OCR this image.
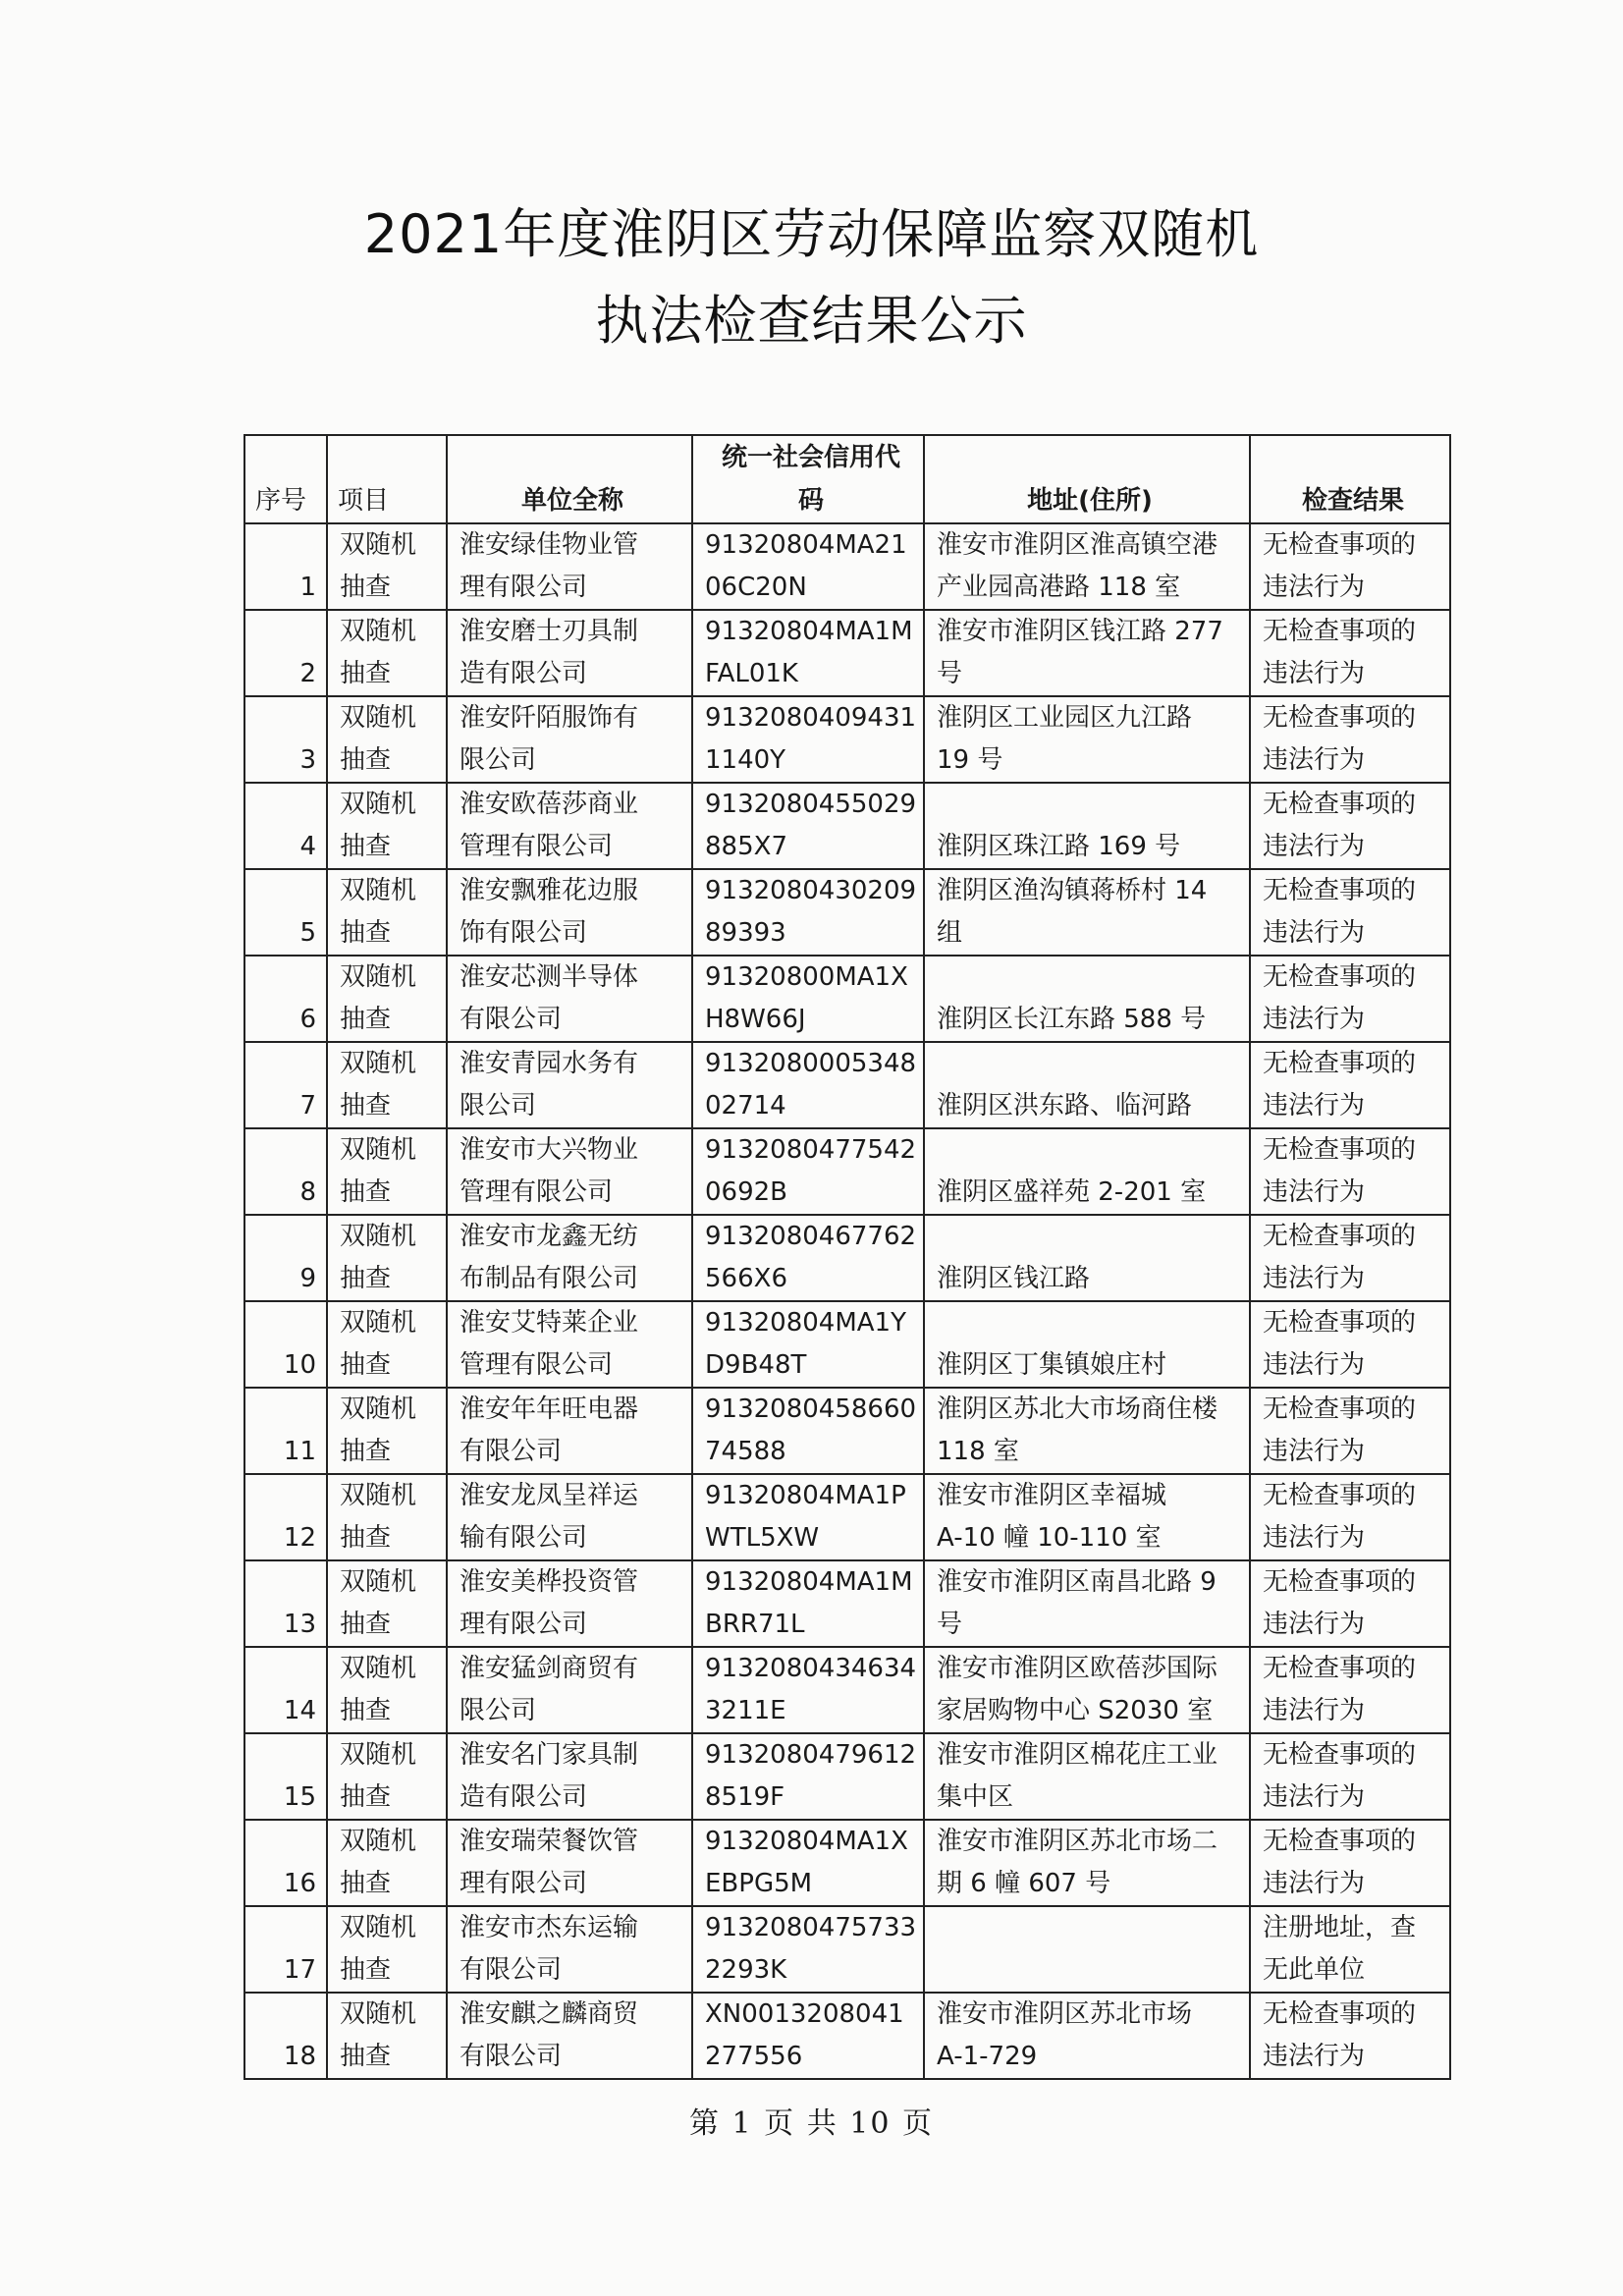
2021年度淮阴区劳动保障监察双随机
执法检查结果公示
序号	项目	单位全称	统一社会信用代
码	地址(住所)	检查结果
1	双随机
抽查	淮安绿佳物业管
理有限公司	91320804MA21
06C20N	淮安市淮阴区淮高镇空港
产业园高港路 118 室	无检查事项的
违法行为

2	双随机
抽查	淮安磨士刃具制
造有限公司	91320804MA1M
FAL01K	淮安市淮阴区钱江路 277
号	无检查事项的
违法行为

3	双随机
抽查	淮安阡陌服饰有
限公司	9132080409431
1140Y	淮阴区工业园区九江路
19 号	无检查事项的
违法行为

4	双随机
抽查	淮安欧蓓莎商业
管理有限公司	9132080455029
885X7	淮阴区珠江路 169 号	无检查事项的
违法行为

5	双随机
抽查	淮安飘雅花边服
饰有限公司	9132080430209
89393	淮阴区渔沟镇蒋桥村 14
组	无检查事项的
违法行为

6	双随机
抽查	淮安芯测半导体
有限公司	91320800MA1X
H8W66J	淮阴区长江东路 588 号	无检查事项的
违法行为

7	双随机
抽查	淮安青园水务有
限公司	9132080005348
02714	淮阴区洪东路、临河路	无检查事项的
违法行为

8	双随机
抽查	淮安市大兴物业
管理有限公司	9132080477542
0692B	淮阴区盛祥苑 2-201 室	无检查事项的
违法行为

9	双随机
抽查	淮安市龙鑫无纺
布制品有限公司	9132080467762
566X6	淮阴区钱江路	无检查事项的
违法行为

10	双随机
抽查	淮安艾特莱企业
管理有限公司	91320804MA1Y
D9B48T	淮阴区丁集镇娘庄村	无检查事项的
违法行为

11	双随机
抽查	淮安年年旺电器
有限公司	9132080458660
74588	淮阴区苏北大市场商住楼
118 室	无检查事项的
违法行为

12	双随机
抽查	淮安龙凤呈祥运
输有限公司	91320804MA1P
WTL5XW	淮安市淮阴区幸福城
A-10 幢 10-110 室	无检查事项的
违法行为

13	双随机
抽查	淮安美桦投资管
理有限公司	91320804MA1M
BRR71L	淮安市淮阴区南昌北路 9
号	无检查事项的
违法行为

14	双随机
抽查	淮安猛剑商贸有
限公司	9132080434634
3211E	淮安市淮阴区欧蓓莎国际
家居购物中心 S2030 室	无检查事项的
违法行为

15	双随机
抽查	淮安名门家具制
造有限公司	9132080479612
8519F	淮安市淮阴区棉花庄工业
集中区	无检查事项的
违法行为

16	双随机
抽查	淮安瑞荣餐饮管
理有限公司	91320804MA1X
EBPG5M	淮安市淮阴区苏北市场二
期 6 幢 607 号	无检查事项的
违法行为

17	双随机
抽查	淮安市杰东运输
有限公司	9132080475733
2293K		注册地址，查
无此单位

18	双随机
抽查	淮安麒之麟商贸
有限公司	XN0013208041
277556	淮安市淮阴区苏北市场
A-1-729	无检查事项的
违法行为
第 1 页 共 10 页
